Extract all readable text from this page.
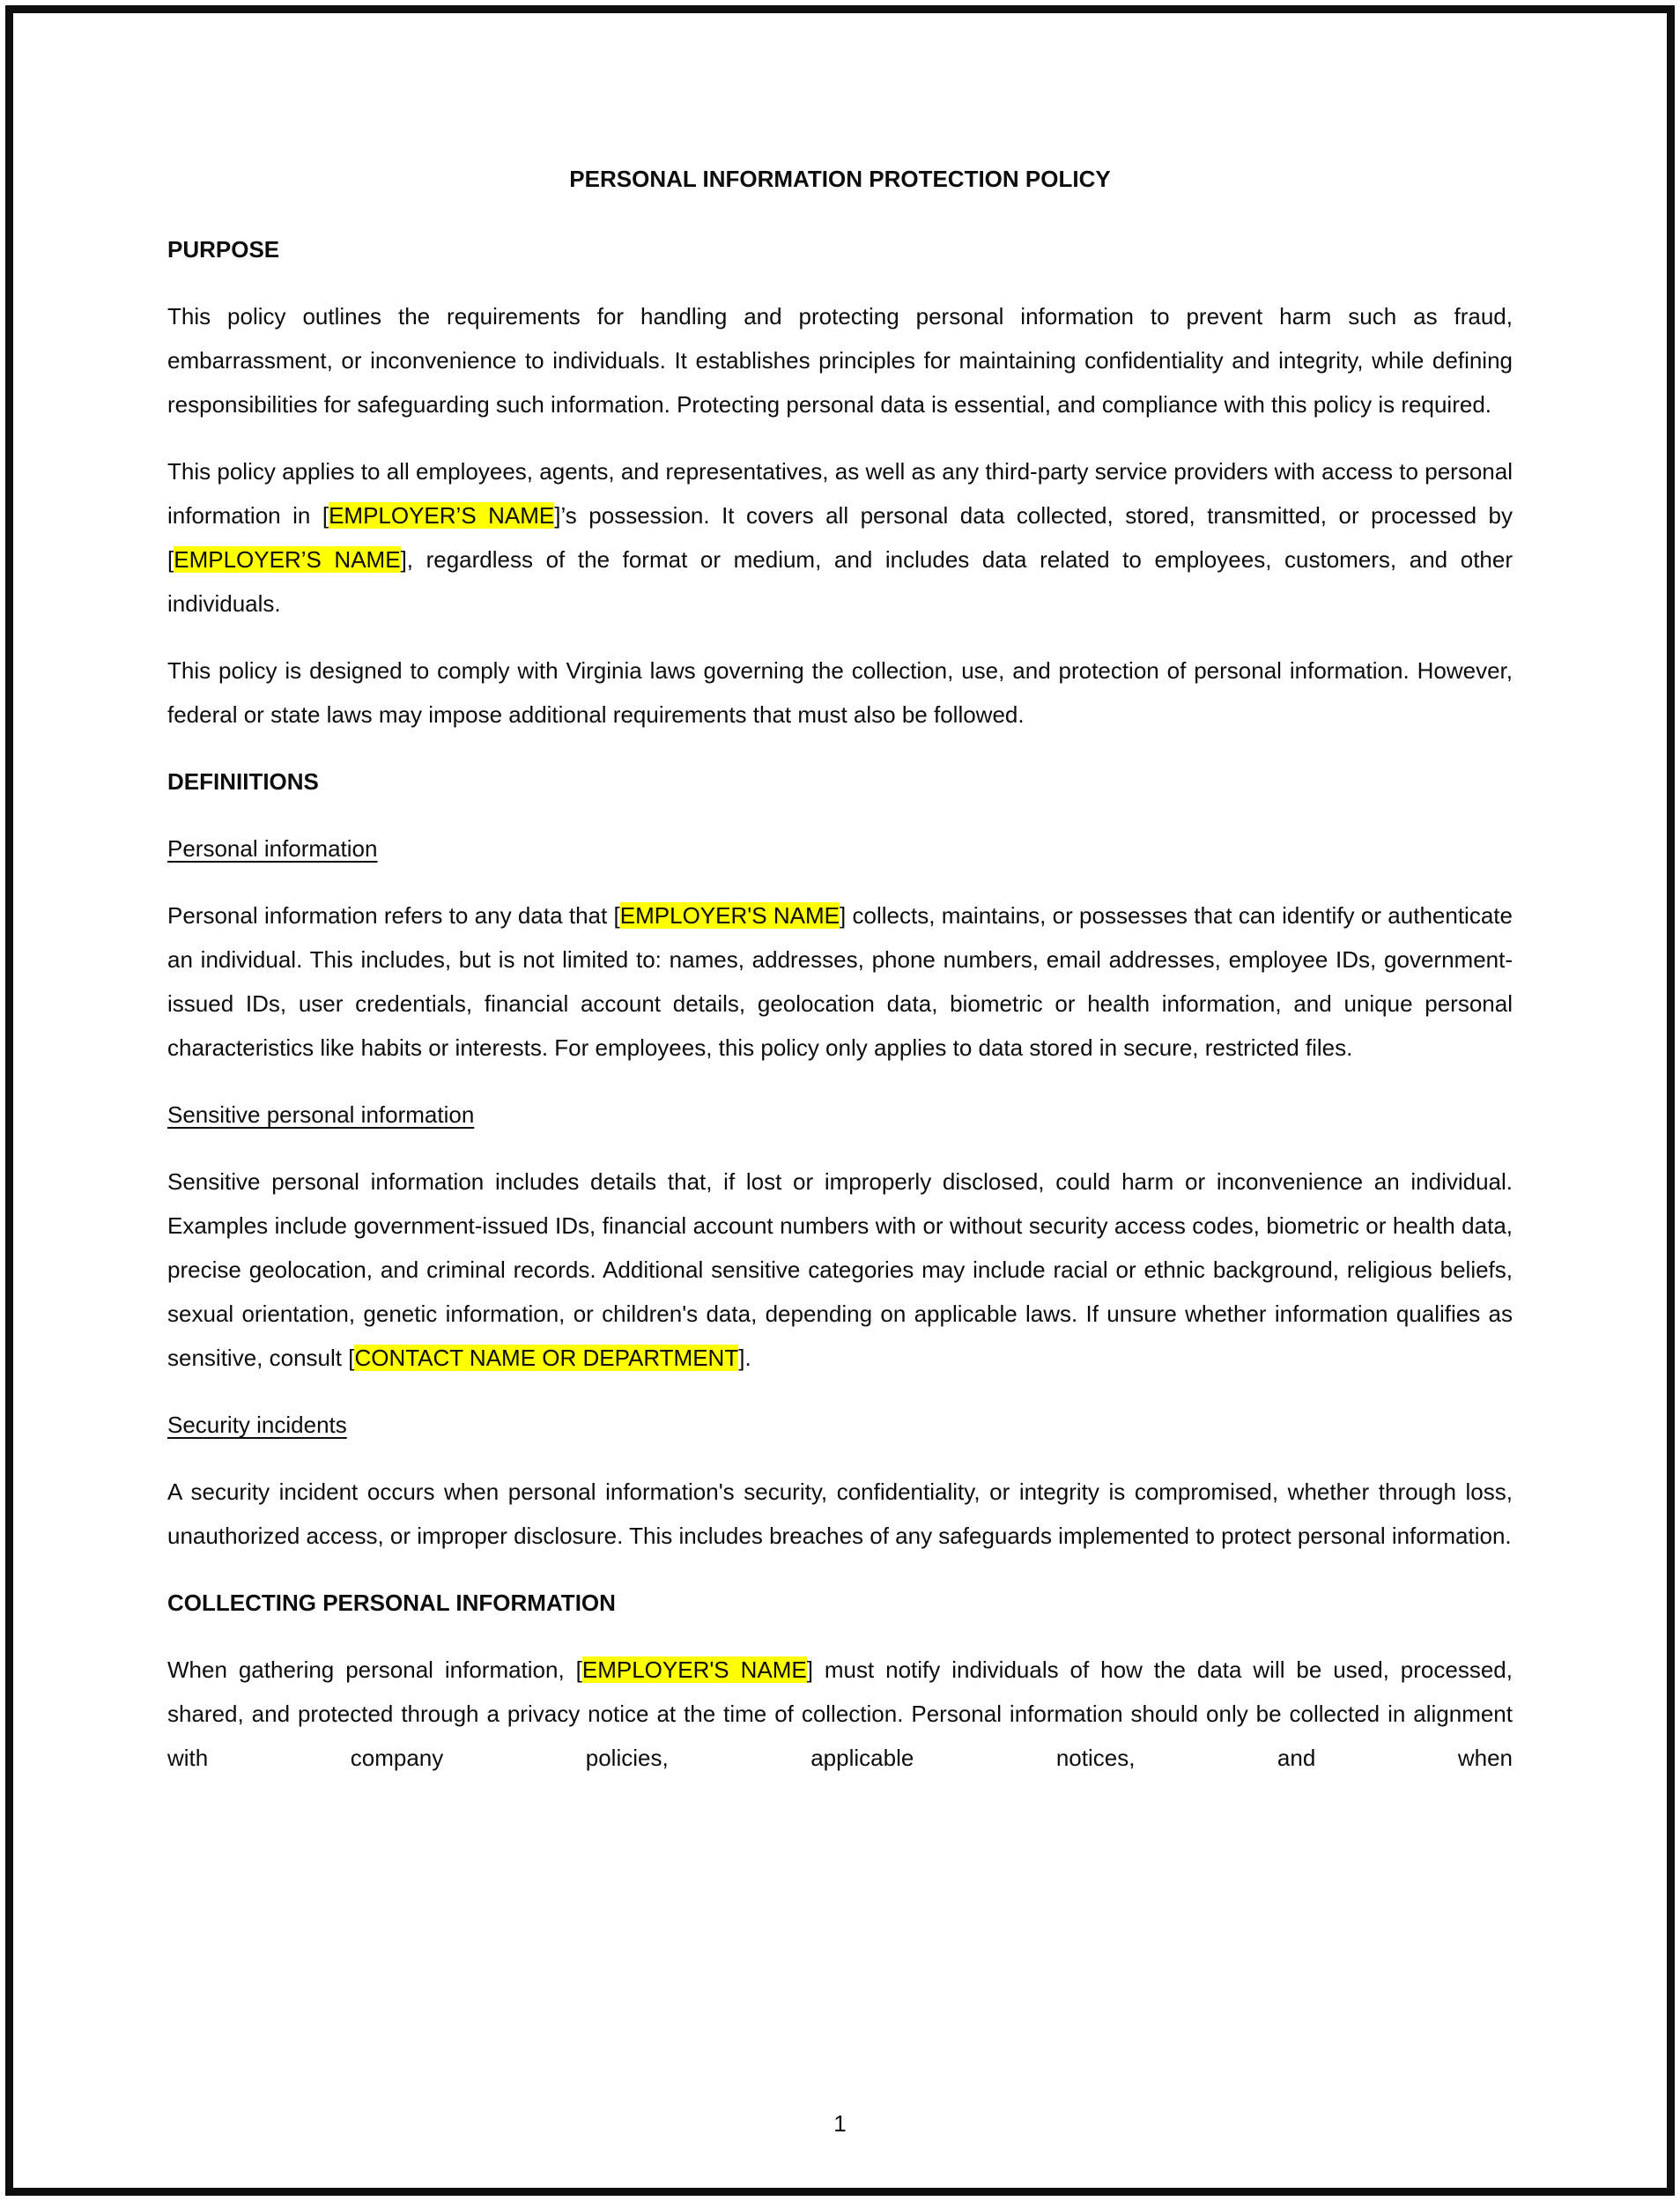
PERSONAL INFORMATION PROTECTION POLICY
PURPOSE

This policy outlines the requirements for handling and protecting personal information to prevent harm such as fraud, embarrassment, or inconvenience to individuals. It establishes principles for maintaining confidentiality and integrity, while defining responsibilities for safeguarding such information. Protecting personal data is essential, and compliance with this policy is required.

This policy applies to all employees, agents, and representatives, as well as any third-party service providers with access to personal information in [EMPLOYER’S NAME]’s possession. It covers all personal data collected, stored, transmitted, or processed by [EMPLOYER’S NAME], regardless of the format or medium, and includes data related to employees, customers, and other individuals.

This policy is designed to comply with Virginia laws governing the collection, use, and protection of personal information. However, federal or state laws may impose additional requirements that must also be followed.

DEFINIITIONS
Personal information

Personal information refers to any data that [EMPLOYER'S NAME] collects, maintains, or possesses that can identify or authenticate an individual. This includes, but is not limited to: names, addresses, phone numbers, email addresses, employee IDs, government-issued IDs, user credentials, financial account details, geolocation data, biometric or health information, and unique personal characteristics like habits or interests. For employees, this policy only applies to data stored in secure, restricted files.

Sensitive personal information

Sensitive personal information includes details that, if lost or improperly disclosed, could harm or inconvenience an individual. Examples include government-issued IDs, financial account numbers with or without security access codes, biometric or health data, precise geolocation, and criminal records. Additional sensitive categories may include racial or ethnic background, religious beliefs, sexual orientation, genetic information, or children's data, depending on applicable laws. If unsure whether information qualifies as sensitive, consult [CONTACT NAME OR DEPARTMENT].

Security incidents

A security incident occurs when personal information's security, confidentiality, or integrity is compromised, whether through loss, unauthorized access, or improper disclosure. This includes breaches of any safeguards implemented to protect personal information.

COLLECTING PERSONAL INFORMATION

When gathering personal information, [EMPLOYER'S NAME] must notify individuals of how the data will be used, processed, shared, and protected through a privacy notice at the time of collection. Personal information should only be collected in alignment with company policies, applicable notices, and when

1
